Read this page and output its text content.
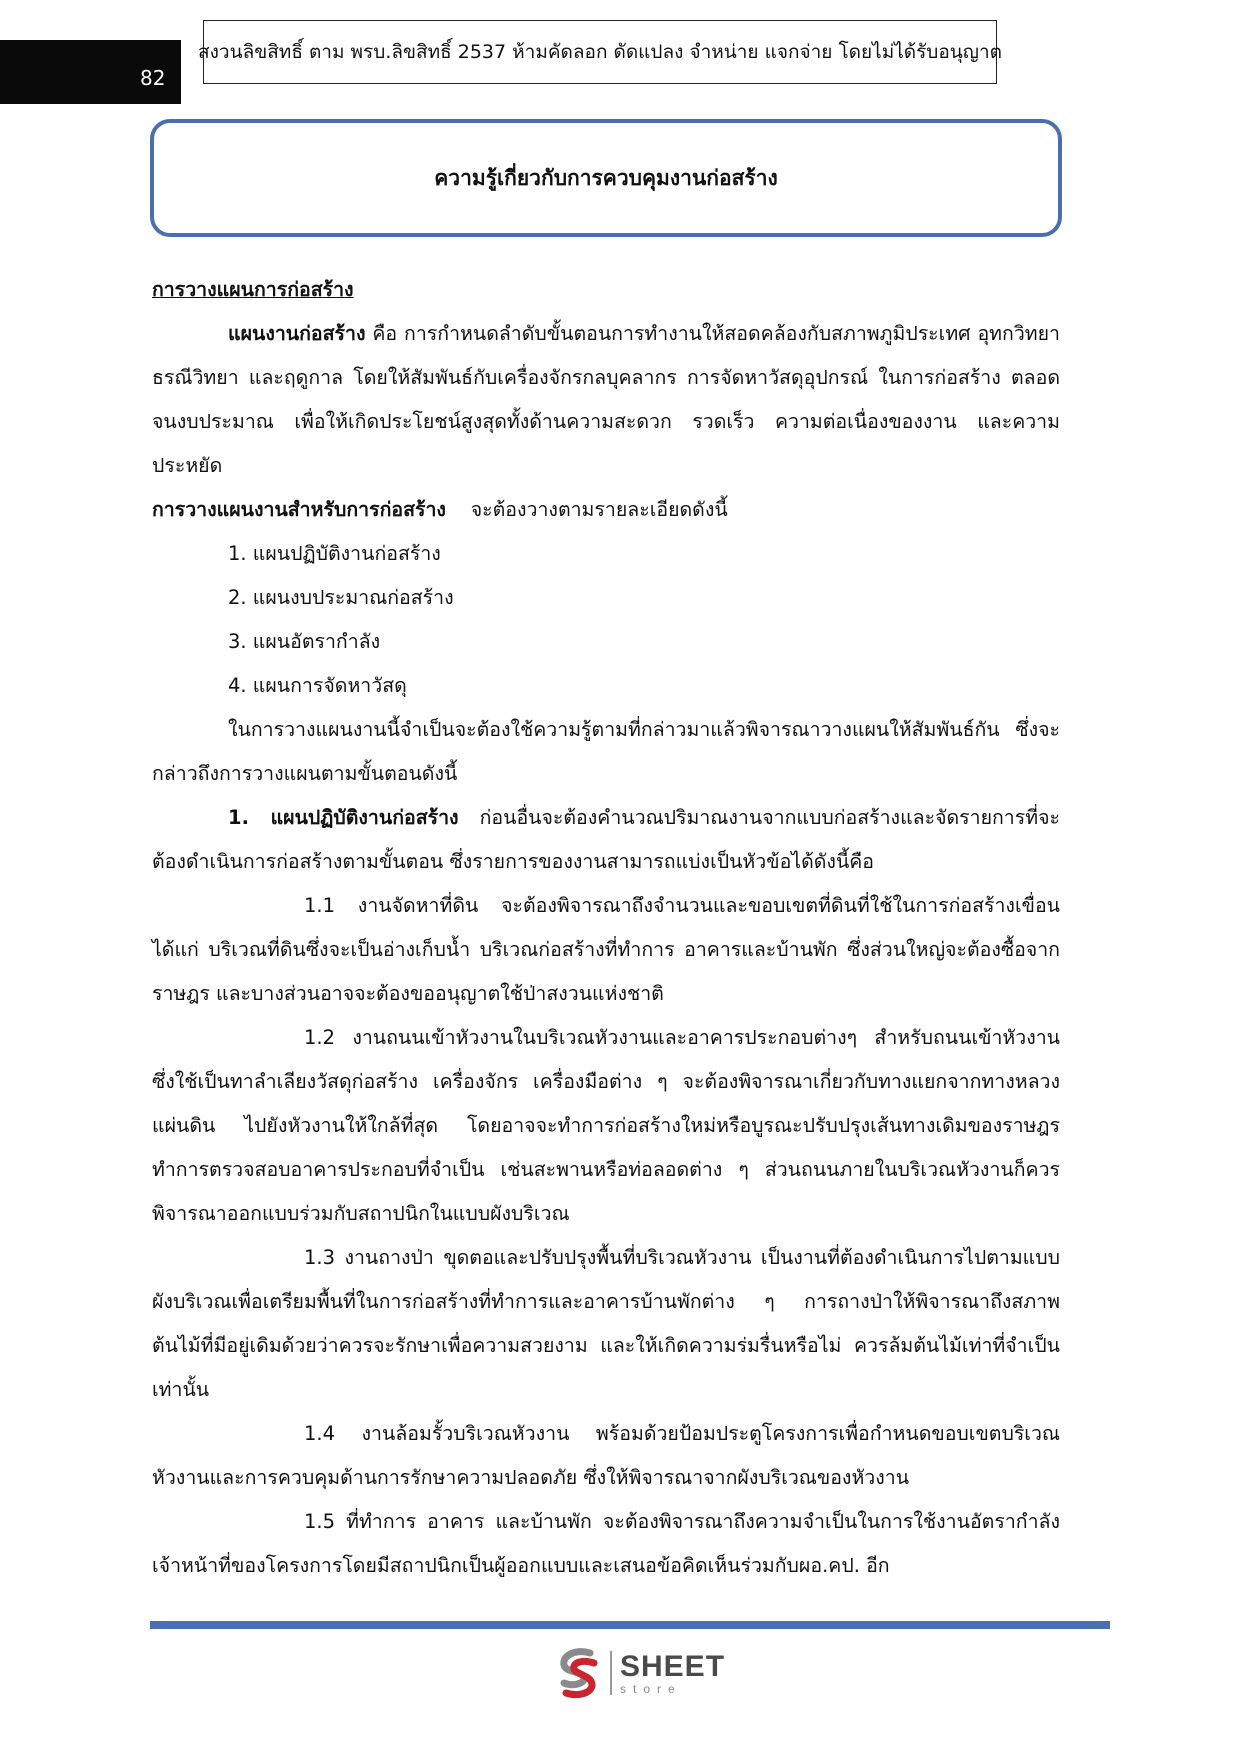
82
สงวนลิขสิทธิ์ ตาม พรบ.ลิขสิทธิ์ 2537 ห้ามคัดลอก ดัดแปลง จำหน่าย แจกจ่าย โดยไม่ได้รับอนุญาต
ความรู้เกี่ยวกับการควบคุมงานก่อสร้าง

การวางแผนการก่อสร้าง

แผนงานก่อสร้าง คือ การกำหนดลำดับขั้นตอนการทำงานให้สอดคล้องกับสภาพภูมิประเทศ อุทกวิทยา ธรณีวิทยา และฤดูกาล โดยให้สัมพันธ์กับเครื่องจักรกลบุคลากร การจัดหาวัสดุอุปกรณ์ ในการก่อสร้าง ตลอดจนงบประมาณ เพื่อให้เกิดประโยชน์สูงสุดทั้งด้านความสะดวก รวดเร็ว ความต่อเนื่องของงาน และความประหยัด

การวางแผนงานสำหรับการก่อสร้าง    จะต้องวางตามรายละเอียดดังนี้

1. แผนปฏิบัติงานก่อสร้าง

2. แผนงบประมาณก่อสร้าง

3. แผนอัตรากำลัง

4. แผนการจัดหาวัสดุ

ในการวางแผนงานนี้จำเป็นจะต้องใช้ความรู้ตามที่กล่าวมาแล้วพิจารณาวางแผนให้สัมพันธ์กัน ซึ่งจะกล่าวถึงการวางแผนตามขั้นตอนดังนี้

1. แผนปฏิบัติงานก่อสร้าง ก่อนอื่นจะต้องคำนวณปริมาณงานจากแบบก่อสร้างและจัดรายการที่จะต้องดำเนินการก่อสร้างตามขั้นตอน ซึ่งรายการของงานสามารถแบ่งเป็นหัวข้อได้ดังนี้คือ

1.1 งานจัดหาที่ดิน จะต้องพิจารณาถึงจำนวนและขอบเขตที่ดินที่ใช้ในการก่อสร้างเขื่อน ได้แก่ บริเวณที่ดินซึ่งจะเป็นอ่างเก็บน้ำ บริเวณก่อสร้างที่ทำการ อาคารและบ้านพัก ซึ่งส่วนใหญ่จะต้องซื้อจากราษฎร และบางส่วนอาจจะต้องขออนุญาตใช้ป่าสงวนแห่งชาติ

1.2 งานถนนเข้าหัวงานในบริเวณหัวงานและอาคารประกอบต่างๆ สำหรับถนนเข้าหัวงาน ซึ่งใช้เป็นทาลำเลียงวัสดุก่อสร้าง เครื่องจักร เครื่องมือต่าง ๆ จะต้องพิจารณาเกี่ยวกับทางแยกจากทางหลวงแผ่นดิน ไปยังหัวงานให้ใกล้ที่สุด โดยอาจจะทำการก่อสร้างใหม่หรือบูรณะปรับปรุงเส้นทางเดิมของราษฎร ทำการตรวจสอบอาคารประกอบที่จำเป็น เช่นสะพานหรือท่อลอดต่าง ๆ ส่วนถนนภายในบริเวณหัวงานก็ควรพิจารณาออกแบบร่วมกับสถาปนิกในแบบผังบริเวณ

1.3 งานถางป่า ขุดตอและปรับปรุงพื้นที่บริเวณหัวงาน เป็นงานที่ต้องดำเนินการไปตามแบบผังบริเวณเพื่อเตรียมพื้นที่ในการก่อสร้างที่ทำการและอาคารบ้านพักต่าง ๆ การถางป่าให้พิจารณาถึงสภาพต้นไม้ที่มีอยู่เดิมด้วยว่าควรจะรักษาเพื่อความสวยงาม และให้เกิดความร่มรื่นหรือไม่ ควรล้มต้นไม้เท่าที่จำเป็นเท่านั้น

1.4 งานล้อมรั้วบริเวณหัวงาน พร้อมด้วยป้อมประตูโครงการเพื่อกำหนดขอบเขตบริเวณหัวงานและการควบคุมด้านการรักษาความปลอดภัย ซึ่งให้พิจารณาจากผังบริเวณของหัวงาน

1.5 ที่ทำการ อาคาร และบ้านพัก จะต้องพิจารณาถึงความจำเป็นในการใช้งานอัตรากำลังเจ้าหน้าที่ของโครงการโดยมีสถาปนิกเป็นผู้ออกแบบและเสนอข้อคิดเห็นร่วมกับผอ.คป. อีก

SHEET
store
